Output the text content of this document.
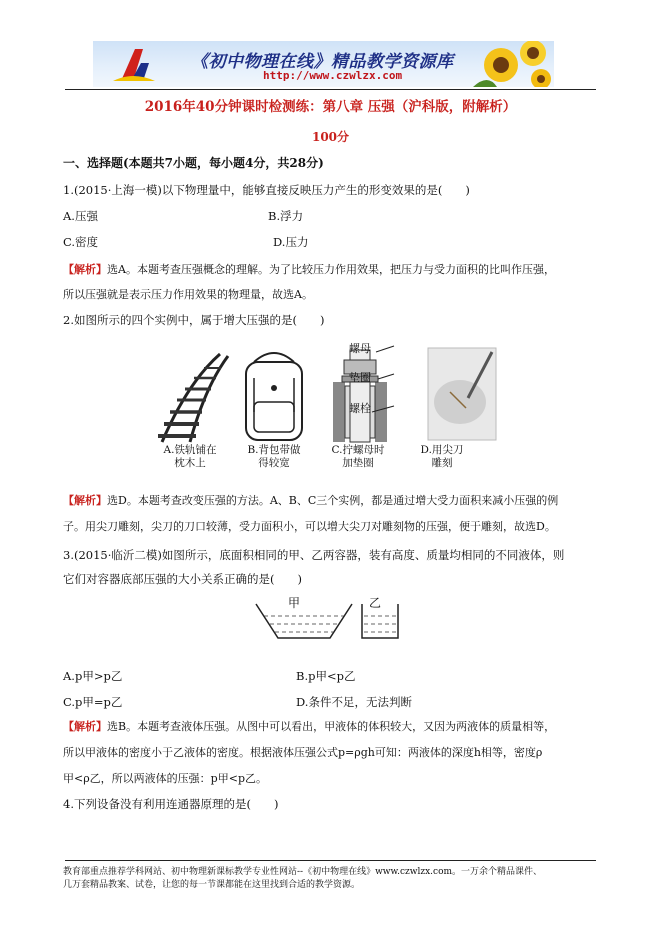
《初中物理在线》精品教学资源库
http://www.czwlzx.com
2016年40分钟课时检测练：第八章 压强（沪科版，附解析）
100分
一、选择题(本题共7小题，每小题4分，共28分)
1.(2015·上海一模)以下物理量中，能够直接反映压力产生的形变效果的是(　　)
A.压强	B.浮力
C.密度	D.压力
【解析】选A。本题考查压强概念的理解。为了比较压力作用效果，把压力与受力面积的比叫作压强，
所以压强就是表示压力作用效果的物理量，故选A。
2.如图所示的四个实例中，属于增大压强的是(　　)
螺母
垫圈
螺栓
A.铁轨铺在
枕木上
B.背包带做
得较宽
C.拧螺母时
加垫圈
D.用尖刀
雕刻
【解析】选D。本题考查改变压强的方法。A、B、C三个实例，都是通过增大受力面积来减小压强的例
子。用尖刀雕刻，尖刀的刀口较薄，受力面积小，可以增大尖刀对雕刻物的压强，便于雕刻，故选D。
3.(2015·临沂二模)如图所示，底面积相同的甲、乙两容器，装有高度、质量均相同的不同液体，则
它们对容器底部压强的大小关系正确的是(　　)
甲	乙
A.p甲>p乙	B.p甲<p乙
C.p甲=p乙	D.条件不足，无法判断
【解析】选B。本题考查液体压强。从图中可以看出，甲液体的体积较大，又因为两液体的质量相等，
所以甲液体的密度小于乙液体的密度。根据液体压强公式p=ρgh可知：两液体的深度h相等，密度ρ
甲<ρ乙，所以两液体的压强：p甲<p乙。
4.下列设备没有利用连通器原理的是(　　)
教育部重点推荐学科网站、初中物理新课标教学专业性网站--《初中物理在线》www.czwlzx.com。一万余个精品课件、
几万套精品教案、试卷，让您的每一节课都能在这里找到合适的教学资源。
